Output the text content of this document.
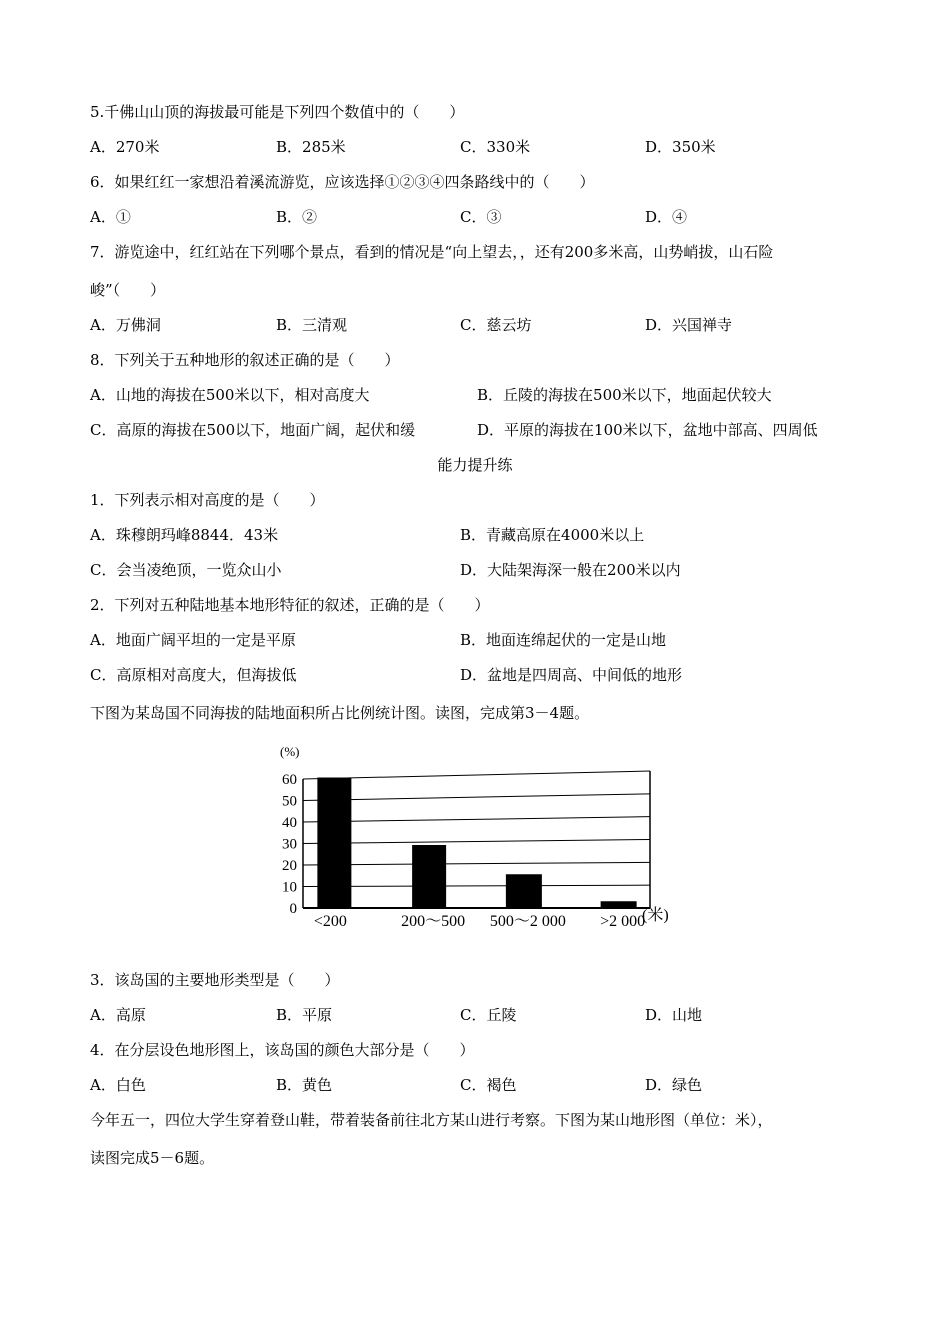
5.千佛山山顶的海拔最可能是下列四个数值中的（　　）
A．270米	B．285米	C．330米	D．350米
6．如果红红一家想沿着溪流游览，应该选择①②③④四条路线中的（　　）
A．①	B．②	C．③	D．④
7．游览途中，红红站在下列哪个景点，看到的情况是“向上望去，，还有200多米高，山势峭拔，山石险
峻”（　　）
A．万佛洞	B．三清观	C．慈云坊	D．兴国禅寺
8．下列关于五种地形的叙述正确的是（　　）
A．山地的海拔在500米以下，相对高度大	B．丘陵的海拔在500米以下，地面起伏较大
C．高原的海拔在500以下，地面广阔，起伏和缓	D．平原的海拔在100米以下，盆地中部高、四周低
能力提升练
1．下列表示相对高度的是（　　）
A．珠穆朗玛峰8844．43米	B．青藏高原在4000米以上
C．会当凌绝顶，一览众山小	D．大陆架海深一般在200米以内
2．下列对五种陆地基本地形特征的叙述，正确的是（　　）
A．地面广阔平坦的一定是平原	B．地面连绵起伏的一定是山地
C．高原相对高度大，但海拔低	D．盆地是四周高、中间低的地形
下图为某岛国不同海拔的陆地面积所占比例统计图。读图，完成第3－4题。
0
10
20
30
40
50
60
<200	200～500 500～2 000 >2 000
(%)
(米)
3．该岛国的主要地形类型是（　　）
A．高原	B．平原	C．丘陵	D．山地
4．在分层设色地形图上，该岛国的颜色大部分是（　　）
A．白色	B．黄色	C．褐色	D．绿色
今年五一，四位大学生穿着登山鞋，带着装备前往北方某山进行考察。下图为某山地形图（单位：米），
读图完成5－6题。
